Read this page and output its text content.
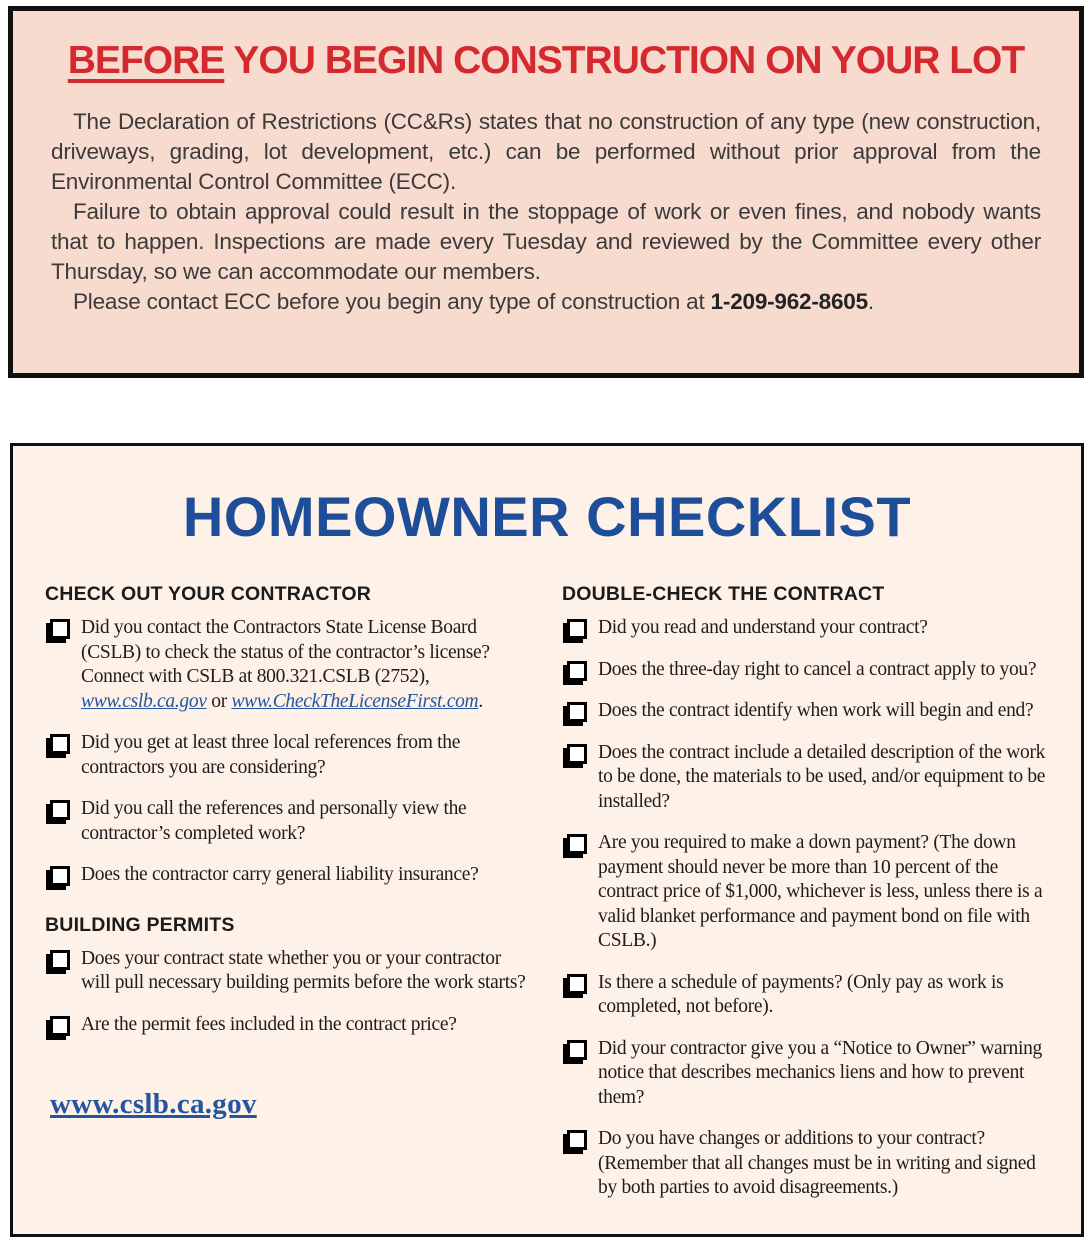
BEFORE YOU BEGIN CONSTRUCTION ON YOUR LOT

The Declaration of Restrictions (CC&Rs) states that no construction of any type (new construction, driveways, grading, lot development, etc.) can be performed without prior approval from the Environmental Control Committee (ECC).

Failure to obtain approval could result in the stoppage of work or even fines, and nobody wants that to happen. Inspections are made every Tuesday and reviewed by the Committee every other Thursday, so we can accommodate our members.

Please contact ECC before you begin any type of construction at 1-209-962-8605.

HOMEOWNER CHECKLIST
CHECK OUT YOUR CONTRACTOR

Did you contact the Contractors State License Board (CSLB) to check the status of the contractor’s license? Connect with CSLB at 800.321.CSLB (2752), www.cslb.ca.gov or www.CheckTheLicenseFirst.com.

Did you get at least three local references from the contractors you are considering?

Did you call the references and personally view the contractor’s completed work?

Does the contractor carry general liability insurance?

BUILDING PERMITS

Does your contract state whether you or your contractor will pull necessary building permits before the work starts?

Are the permit fees included in the contract price?

www.cslb.ca.gov
DOUBLE-CHECK THE CONTRACT

Did you read and understand your contract?

Does the three-day right to cancel a contract apply to you?

Does the contract identify when work will begin and end?

Does the contract include a detailed description of the work to be done, the materials to be used, and/or equipment to be installed?

Are you required to make a down payment? (The down payment should never be more than 10 percent of the contract price of $1,000, whichever is less, unless there is a valid blanket performance and payment bond on file with CSLB.)

Is there a schedule of payments? (Only pay as work is completed, not before).

Did your contractor give you a “Notice to Owner” warning notice that describes mechanics liens and how to prevent them?

Do you have changes or additions to your contract? (Remember that all changes must be in writing and signed by both parties to avoid disagreements.)
